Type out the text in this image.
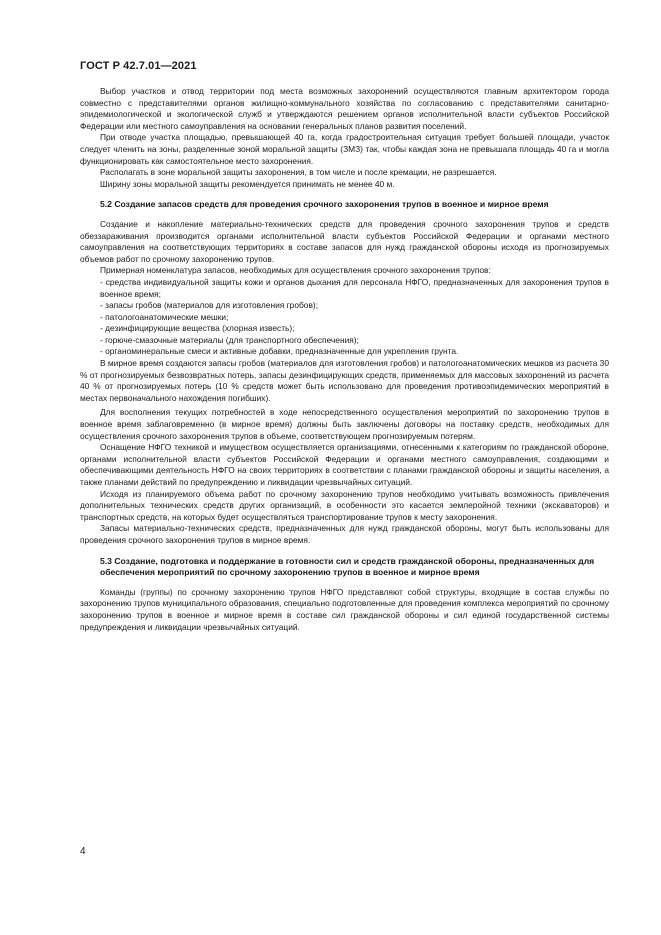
ГОСТ Р 42.7.01—2021

Выбор участков и отвод территории под места возможных захоронений осуществляются главным архитектором города совместно с представителями органов жилищно-коммунального хозяйства по согласованию с представителями санитарно-эпидемиологической и экологической служб и утверждаются решением органов исполнительной власти субъектов Российской Федерации или местного самоуправления на основании генеральных планов развития поселений.

При отводе участка площадью, превышающей 40 га, когда градостроительная ситуация требует большей площади, участок следует членить на зоны, разделенные зоной моральной защиты (ЗМЗ) так, чтобы каждая зона не превышала площадь 40 га и могла функционировать как самостоятельное место захоронения.

Располагать в зоне моральной защиты захоронения, в том числе и после кремации, не разрешается.

Ширину зоны моральной защиты рекомендуется принимать не менее 40 м.

5.2 Создание запасов средств для проведения срочного захоронения трупов в военное и мирное время

Создание и накопление материально-технических средств для проведения срочного захоронения трупов и средств обеззараживания производится органами исполнительной власти субъектов Российской Федерации и органами местного самоуправления на соответствующих территориях в составе запасов для нужд гражданской обороны исходя из прогнозируемых объемов работ по срочному захоронению трупов.

Примерная номенклатура запасов, необходимых для осуществления срочного захоронения трупов:

- средства индивидуальной защиты кожи и органов дыхания для персонала НФГО, предназначенных для захоронения трупов в военное время;

- запасы гробов (материалов для изготовления гробов);

- патологоанатомические мешки;

- дезинфицирующие вещества (хлорная известь);

- горюче-смазочные материалы (для транспортного обеспечения);

- органоминеральные смеси и активные добавки, предназначенные для укрепления грунта.

В мирное время создаются запасы гробов (материалов для изготовления гробов) и патологоанатомических мешков из расчета 30 % от прогнозируемых безвозвратных потерь, запасы дезинфицирующих средств, применяемых для массовых захоронений из расчета 40 % от прогнозируемых потерь (10 % средств может быть использовано для проведения противоэпидемических мероприятий в местах первоначального нахождения погибших).

Для восполнения текущих потребностей в ходе непосредственного осуществления мероприятий по захоронению трупов в военное время заблаговременно (в мирное время) должны быть заключены договоры на поставку средств, необходимых для осуществления срочного захоронения трупов в объеме, соответствующем прогнозируемым потерям.

Оснащение НФГО техникой и имуществом осуществляется организациями, отнесенными к категориям по гражданской обороне, органами исполнительной власти субъектов Российской Федерации и органами местного самоуправления, создающими и обеспечивающими деятельность НФГО на своих территориях в соответствии с планами гражданской обороны и защиты населения, а также планами действий по предупреждению и ликвидации чрезвычайных ситуаций.

Исходя из планируемого объема работ по срочному захоронению трупов необходимо учитывать возможность привлечения дополнительных технических средств других организаций, в особенности это касается землеройной техники (экскаваторов) и транспортных средств, на которых будет осуществляться транспортирование трупов к месту захоронения.

Запасы материально-технических средств, предназначенных для нужд гражданской обороны, могут быть использованы для проведения срочного захоронения трупов в мирное время.

5.3 Создание, подготовка и поддержание в готовности сил и средств гражданской обороны, предназначенных для обеспечения мероприятий по срочному захоронению трупов в военное и мирное время

Команды (группы) по срочному захоронению трупов НФГО представляют собой структуры, входящие в состав службы по захоронению трупов муниципального образования, специально подготовленные для проведения комплекса мероприятий по срочному захоронению трупов в военное и мирное время в составе сил гражданской обороны и сил единой государственной системы предупреждения и ликвидации чрезвычайных ситуаций.

4
